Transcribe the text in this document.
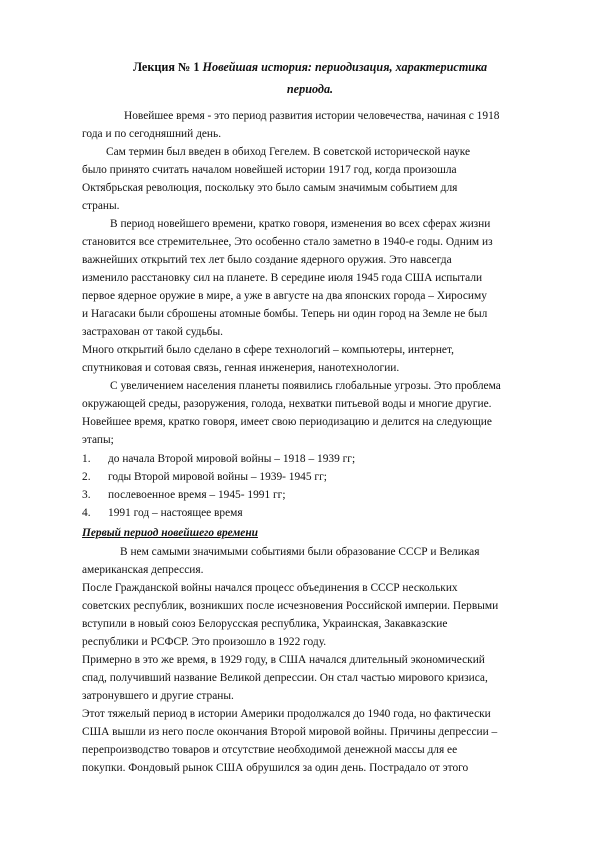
Лекция № 1 Новейшая история: периодизация, характеристика
периода.
Новейшее время - это период развития истории человечества, начиная с 1918
года и по сегодняшний день.
Сам термин был введен в обиход Гегелем. В советской исторической науке
было принято считать началом новейшей истории 1917 год, когда произошла
Октябрьская революция, поскольку это было самым значимым событием для
страны.
В период новейшего времени, кратко говоря, изменения во всех сферах жизни
становится все стремительнее, Это особенно стало заметно в 1940-е годы. Одним из
важнейших открытий тех лет было создание ядерного оружия. Это навсегда
изменило расстановку сил на планете. В середине июля 1945 года США испытали
первое ядерное оружие в мире, а уже в августе на два японских города – Хиросиму
и Нагасаки были сброшены атомные бомбы. Теперь ни один город на Земле не был
застрахован от такой судьбы.
Много открытий было сделано в сфере технологий – компьютеры, интернет,
спутниковая и сотовая связь, генная инженерия, нанотехнологии.
С увеличением населения планеты появились глобальные угрозы. Это проблема
окружающей среды, разоружения, голода, нехватки питьевой воды и многие другие.
Новейшее время, кратко говоря, имеет свою периодизацию и делится на следующие
этапы;
1. до начала Второй мировой войны – 1918 – 1939 гг;
2. годы Второй мировой войны – 1939- 1945 гг;
3. послевоенное время – 1945- 1991 гг;
4. 1991 год – настоящее время
Первый период новейшего времени
В нем самыми значимыми событиями были образование СССР и Великая
американская депрессия.
После Гражданской войны начался процесс объединения в СССР нескольких
советских республик, возникших после исчезновения Российской империи. Первыми
вступили в новый союз Белорусская республика, Украинская, Закавказские
республики и РСФСР. Это произошло в 1922 году.
Примерно в это же время, в 1929 году, в США начался длительный экономический
спад, получивший название Великой депрессии. Он стал частью мирового кризиса,
затронувшего и другие страны.
Этот тяжелый период в истории Америки продолжался до 1940 года, но фактически
США вышли из него после окончания Второй мировой войны. Причины депрессии –
перепроизводство товаров и отсутствие необходимой денежной массы для ее
покупки. Фондовый рынок США обрушился за один день. Пострадало от этого
